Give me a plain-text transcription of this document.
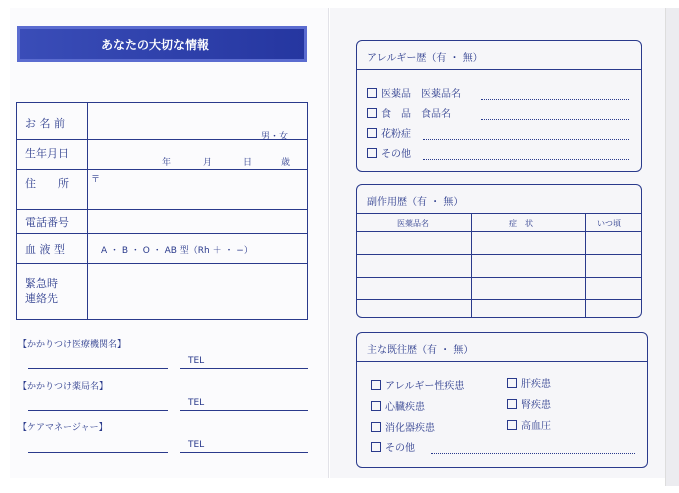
あなたの大切な情報
お 名 前
男・女
生年月日
年	月	日	歳
住　　所 〒
電話番号
血 液 型	A ・ B ・ O ・ AB 型（Rh ＋ ・ −）
緊急時
連絡先
【かかりつけ医療機関名】
TEL
【かかりつけ薬局名】
TEL
【ケアマネージャー】
TEL
アレルギー歴（有 ・ 無）
医薬品 医薬品名
食　品 食品名
花粉症
その他
副作用歴（有 ・ 無）
医薬品名	症　状	いつ頃
主な既往歴（有 ・ 無）
アレルギー性疾患
心臓疾患
消化器疾患
その他
肝疾患
腎疾患
高血圧
